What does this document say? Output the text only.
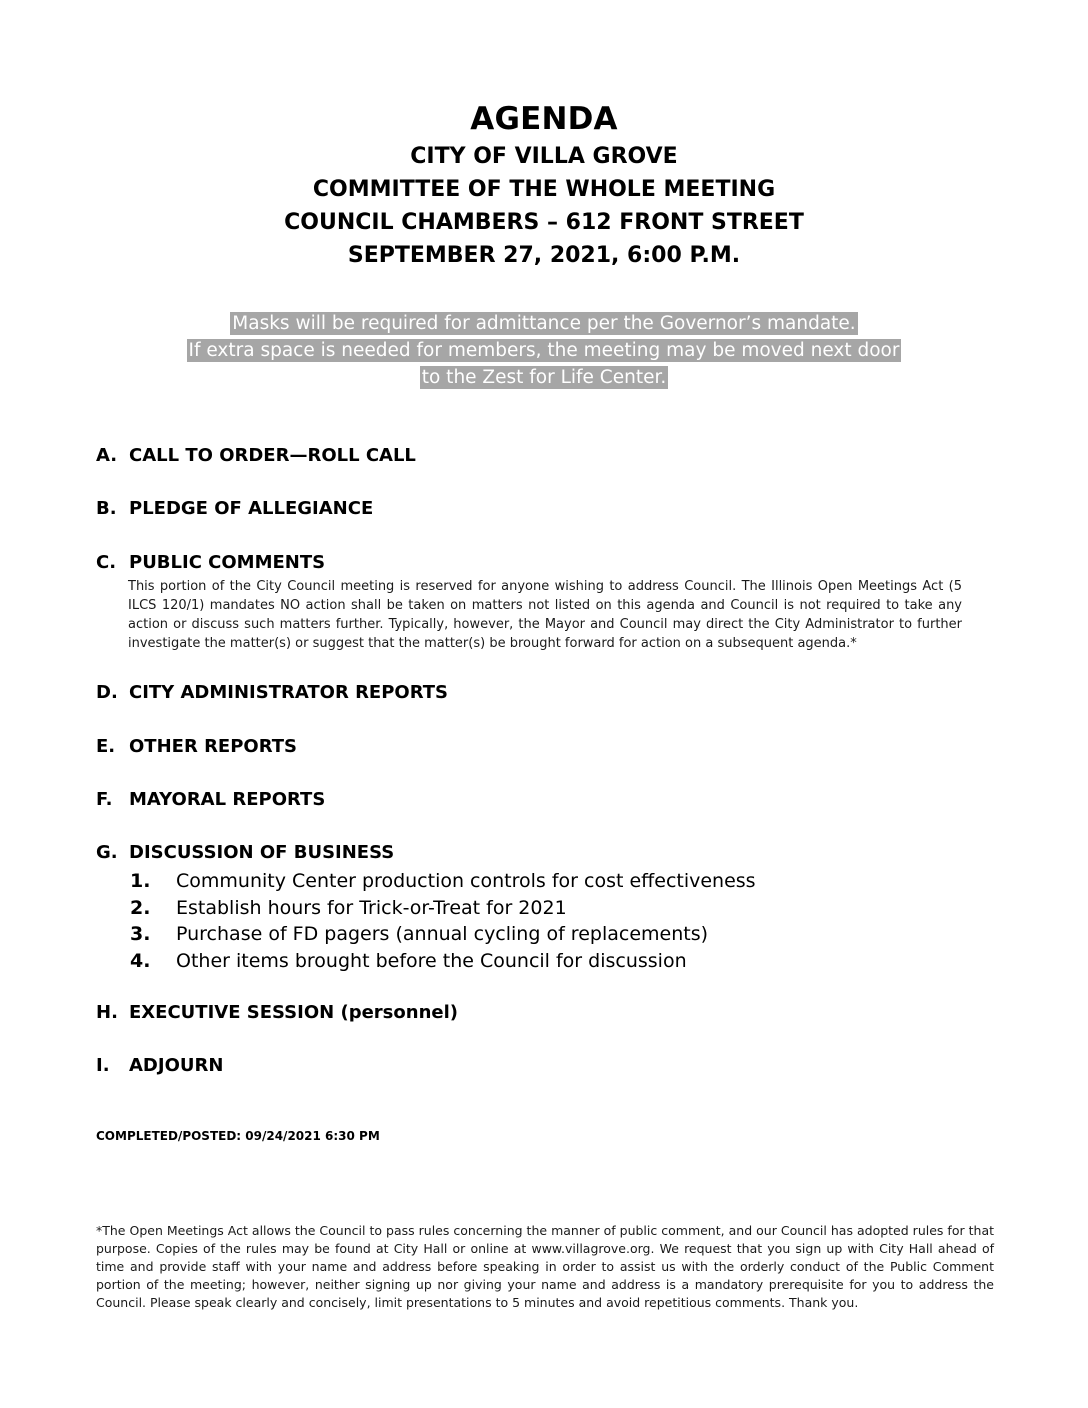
AGENDA

CITY OF VILLA GROVE

COMMITTEE OF THE WHOLE MEETING

COUNCIL CHAMBERS – 612 FRONT STREET

SEPTEMBER 27, 2021, 6:00 P.M.

Masks will be required for admittance per the Governor’s mandate.
If extra space is needed for members, the meeting may be moved next door
to the Zest for Life Center.
A. CALL TO ORDER—ROLL CALL
B. PLEDGE OF ALLEGIANCE
C. PUBLIC COMMENTS
This portion of the City Council meeting is reserved for anyone wishing to address Council. The Illinois Open Meetings Act (5 ILCS 120/1) mandates NO action shall be taken on matters not listed on this agenda and Council is not required to take any action or discuss such matters further. Typically, however, the Mayor and Council may direct the City Administrator to further investigate the matter(s) or suggest that the matter(s) be brought forward for action on a subsequent agenda.*
D. CITY ADMINISTRATOR REPORTS
E. OTHER REPORTS
F. MAYORAL REPORTS
G. DISCUSSION OF BUSINESS
1. Community Center production controls for cost effectiveness
2. Establish hours for Trick-or-Treat for 2021
3. Purchase of FD pagers (annual cycling of replacements)
4. Other items brought before the Council for discussion
H. EXECUTIVE SESSION (personnel)
I. ADJOURN
COMPLETED/POSTED: 09/24/2021 6:30 PM
*The Open Meetings Act allows the Council to pass rules concerning the manner of public comment, and our Council has adopted rules for that purpose. Copies of the rules may be found at City Hall or online at www.villagrove.org. We request that you sign up with City Hall ahead of time and provide staff with your name and address before speaking in order to assist us with the orderly conduct of the Public Comment portion of the meeting; however, neither signing up nor giving your name and address is a mandatory prerequisite for you to address the Council. Please speak clearly and concisely, limit presentations to 5 minutes and avoid repetitious comments. Thank you.
